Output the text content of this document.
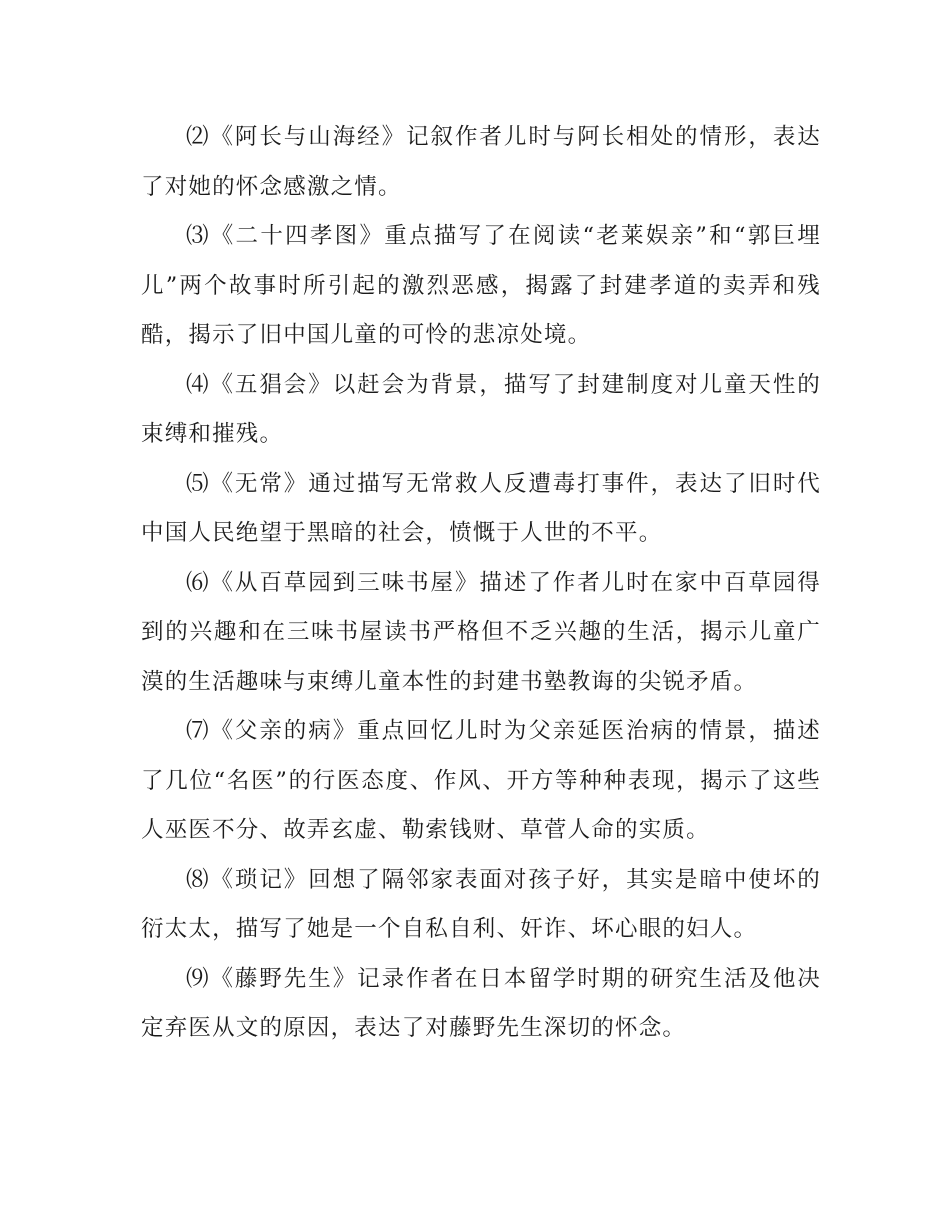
⑵《阿长与山海经》记叙作者儿时与阿长相处的情形，表达了对她的怀念感激之情。

⑶《二十四孝图》重点描写了在阅读“老莱娱亲”和“郭巨埋儿”两个故事时所引起的激烈恶感，揭露了封建孝道的卖弄和残酷，揭示了旧中国儿童的可怜的悲凉处境。

⑷《五猖会》以赶会为背景，描写了封建制度对儿童天性的束缚和摧残。

⑸《无常》通过描写无常救人反遭毒打事件，表达了旧时代中国人民绝望于黑暗的社会，愤慨于人世的不平。

⑹《从百草园到三味书屋》描述了作者儿时在家中百草园得到的兴趣和在三味书屋读书严格但不乏兴趣的生活，揭示儿童广漠的生活趣味与束缚儿童本性的封建书塾教诲的尖锐矛盾。

⑺《父亲的病》重点回忆儿时为父亲延医治病的情景，描述了几位“名医”的行医态度、作风、开方等种种表现，揭示了这些人巫医不分、故弄玄虚、勒索钱财、草菅人命的实质。

⑻《琐记》回想了隔邻家表面对孩子好，其实是暗中使坏的衍太太，描写了她是一个自私自利、奸诈、坏心眼的妇人。

⑼《藤野先生》记录作者在日本留学时期的研究生活及他决定弃医从文的原因，表达了对藤野先生深切的怀念。
